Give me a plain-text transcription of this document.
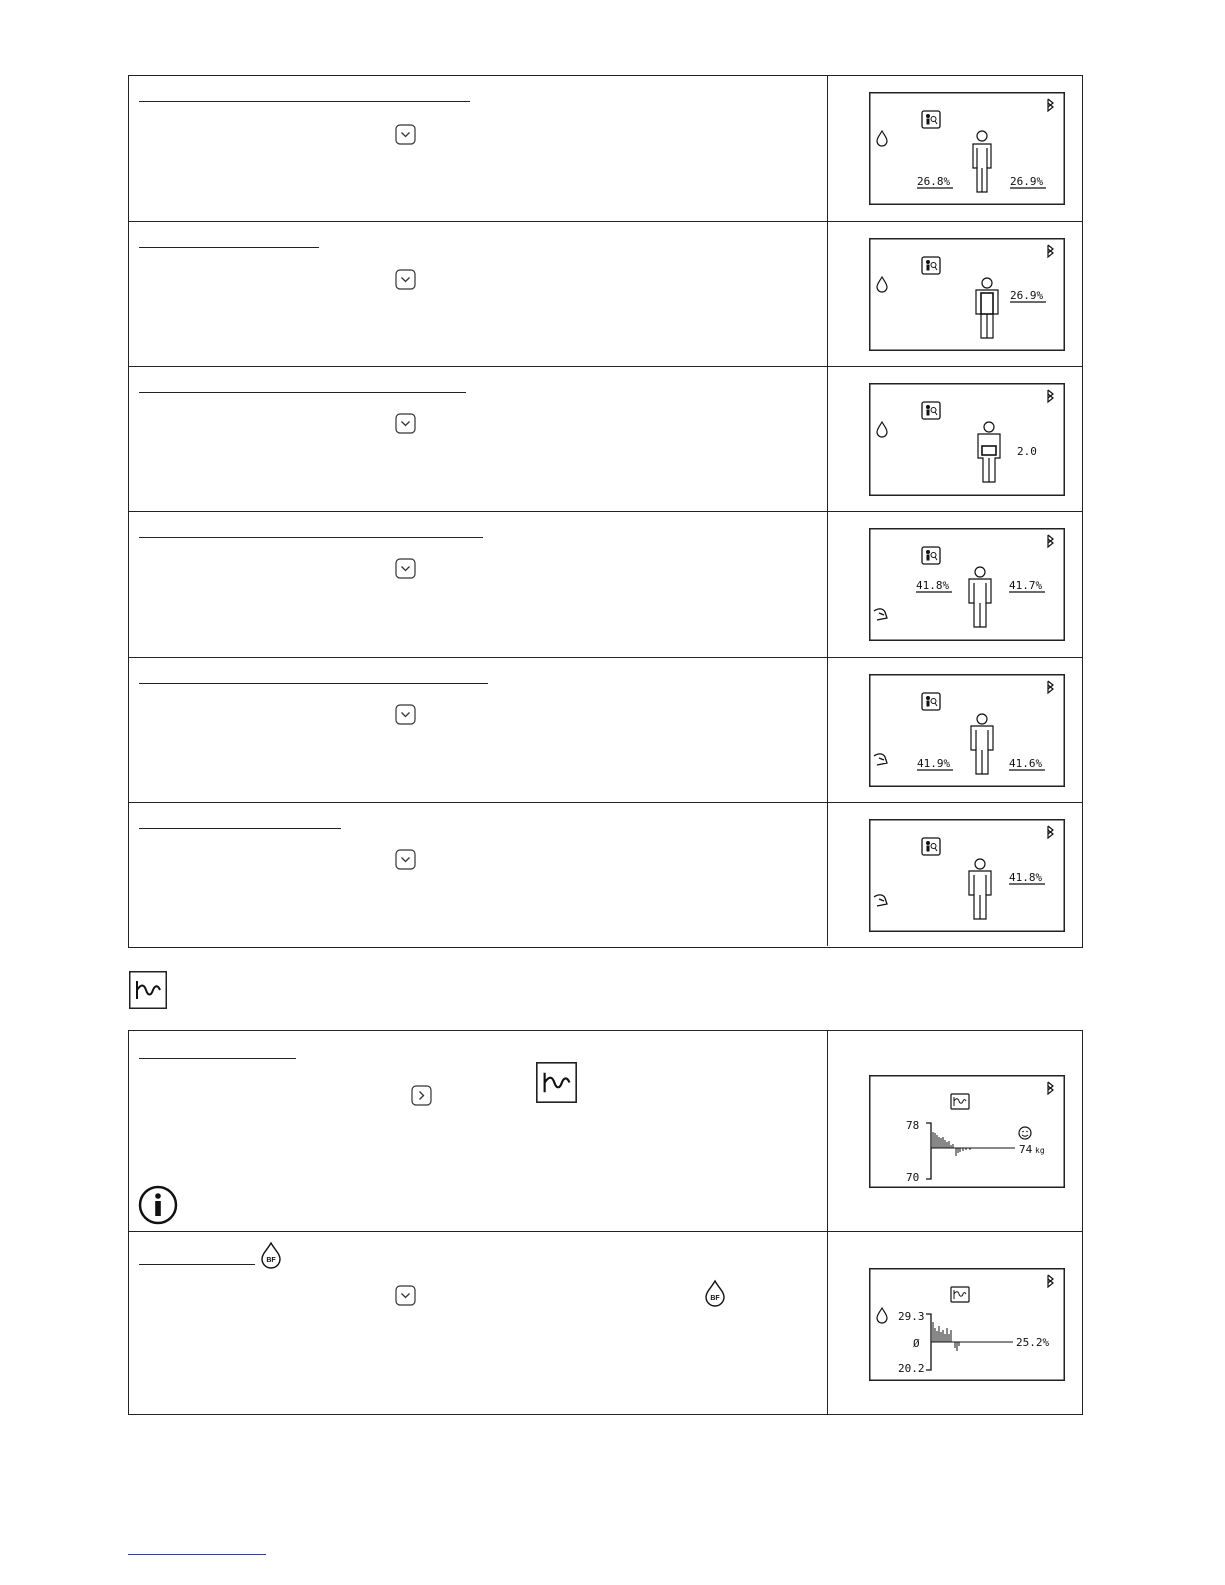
26.8%	26.9%
26.9%
2.0
41.8%	41.7%
41.9%	41.6%
41.8%
78
70
74 kg
BF
BF
29.3
Ø
20.2
25.2%
